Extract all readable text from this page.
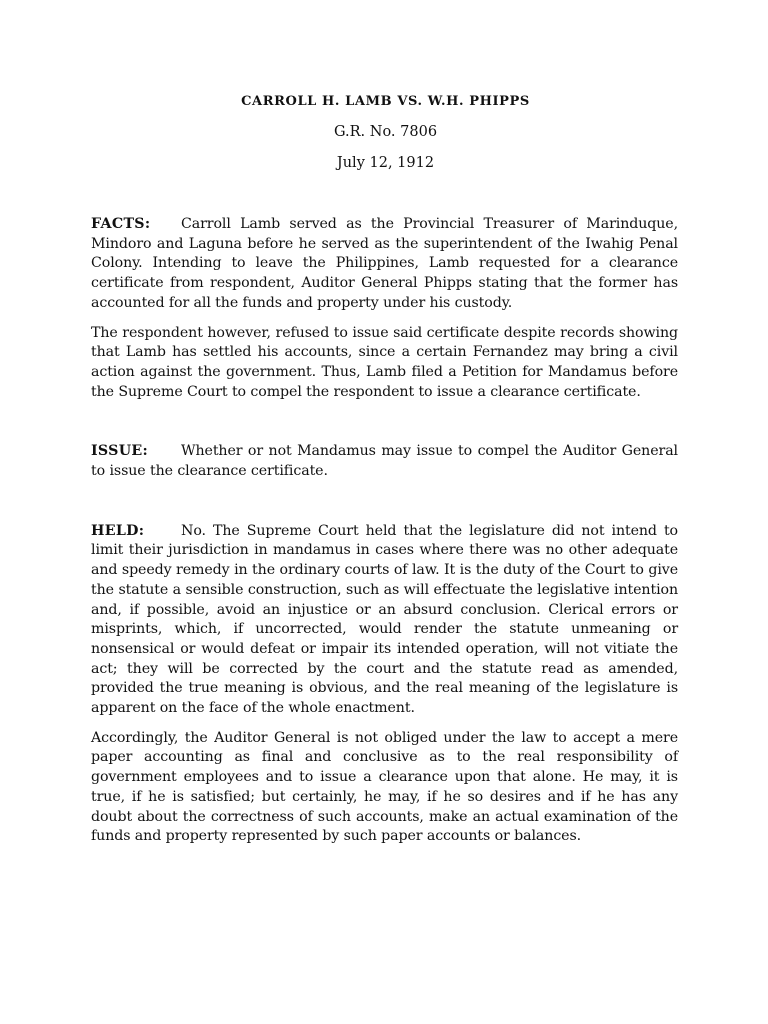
CARROLL H. LAMB VS. W.H. PHIPPS

G.R. No. 7806

July 12, 1912

FACTS: Carroll Lamb served as the Provincial Treasurer of Marinduque, Mindoro and Laguna before he served as the superintendent of the Iwahig Penal Colony. Intending to leave the Philippines, Lamb requested for a clearance certificate from respondent, Auditor General Phipps stating that the former has accounted for all the funds and property under his custody.

The respondent however, refused to issue said certificate despite records showing that Lamb has settled his accounts, since a certain Fernandez may bring a civil action against the government. Thus, Lamb filed a Petition for Mandamus before the Supreme Court to compel the respondent to issue a clearance certificate.

ISSUE: Whether or not Mandamus may issue to compel the Auditor General to issue the clearance certificate.

HELD:	No. The Supreme Court held that the legislature did not intend to limit their jurisdiction in mandamus in cases where there was no other adequate and speedy remedy in the ordinary courts of law. It is the duty of the Court to give the statute a sensible construction, such as will effectuate the legislative intention and, if possible, avoid an injustice or an absurd conclusion. Clerical errors or misprints, which, if uncorrected, would render the statute unmeaning or nonsensical or would defeat or impair its intended operation, will not vitiate the act; they will be corrected by the court and the statute read as amended, provided the true meaning is obvious, and the real meaning of the legislature is apparent on the face of the whole enactment.

Accordingly, the Auditor General is not obliged under the law to accept a mere paper accounting as final and conclusive as to the real responsibility of government employees and to issue a clearance upon that alone. He may, it is true, if he is satisfied; but certainly, he may, if he so desires and if he has any doubt about the correctness of such accounts, make an actual examination of the funds and property represented by such paper accounts or balances.
